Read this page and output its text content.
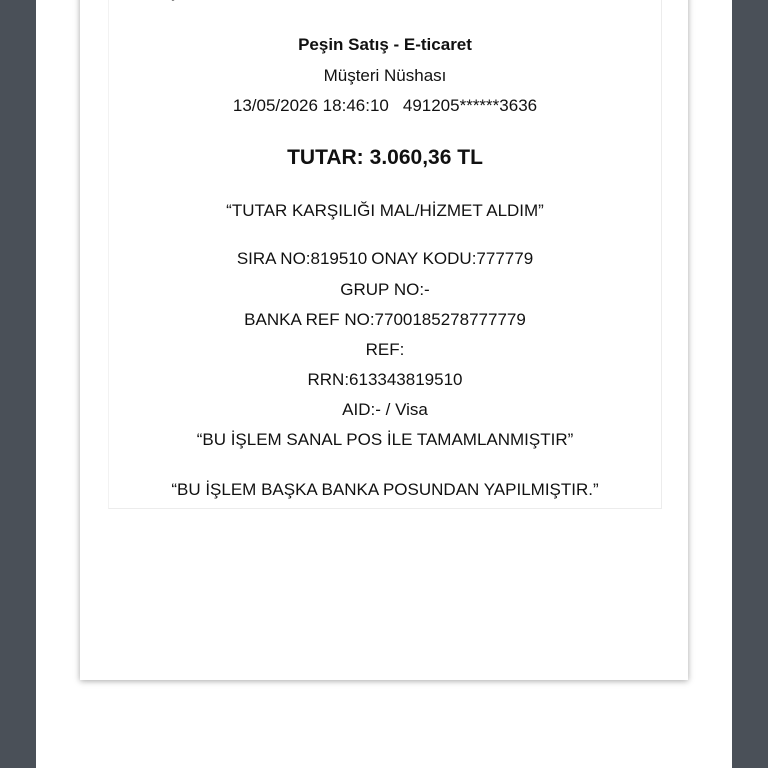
Peşin Satış - E-ticaret
Müşteri Nüshası
13/05/2026 18:46:10 491205******3636
TUTAR: 3.060,36 TL
“TUTAR KARŞILIĞI MAL/HİZMET ALDIM”
SIRA NO:819510 ONAY KODU:777779
GRUP NO:-
BANKA REF NO:7700185278777779
REF:
RRN:613343819510
AID:- / Visa
“BU İŞLEM SANAL POS İLE TAMAMLANMIŞTIR”
“BU İŞLEM BAŞKA BANKA POSUNDAN YAPILMIŞTIR.”
